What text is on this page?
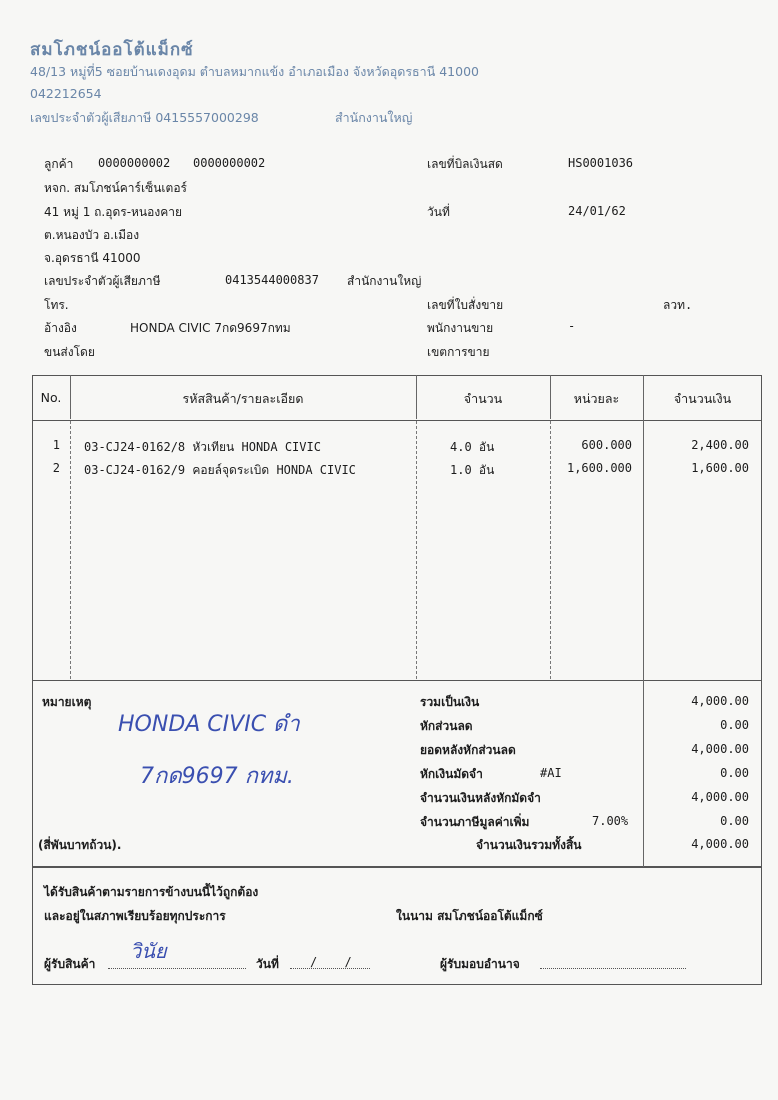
สมโภชน์ออโต้แม็กซ์
48/13 หมู่ที่5 ซอยบ้านเดงอุดม ตำบลหมากแข้ง อำเภอเมือง จังหวัดอุดรธานี 41000
042212654
เลขประจำตัวผู้เสียภาษี 0415557000298	สำนักงานใหญ่
ลูกค้า 0000000002 0000000002
หจก. สมโภชน์คาร์เซ็นเตอร์
41 หมู่ 1 ถ.อุดร-หนองคาย
ต.หนองบัว อ.เมือง
จ.อุดรธานี 41000
เลขประจำตัวผู้เสียภาษี	0413544000837 สำนักงานใหญ่
โทร.
อ้างอิง	HONDA CIVIC 7กด9697กทม
ขนส่งโดย
เลขที่บิลเงินสด	HS0001036
วันที่	24/01/62
เลขที่ใบสั่งขาย	ลวท.
พนักงานขาย	-
เขตการขาย
No.	รหัสสินค้า/รายละเอียด	จำนวน	หน่วยละ	จำนวนเงิน
1 03-CJ24-0162/8 หัวเทียน HONDA CIVIC	4.0 อัน	600.000	2,400.00
2 03-CJ24-0162/9 คอยล์จุดระเบิด HONDA CIVIC	1.0 อัน	1,600.000	1,600.00
หมายเหตุ
HONDA CIVIC ดำ
7กด9697 กทม.
(สี่พันบาทถ้วน).
รวมเป็นเงิน	4,000.00
หักส่วนลด	0.00
ยอดหลังหักส่วนลด	4,000.00
หักเงินมัดจำ	#AI	0.00
จำนวนเงินหลังหักมัดจำ	4,000.00
จำนวนภาษีมูลค่าเพิ่ม	7.00%	0.00
จำนวนเงินรวมทั้งสิ้น	4,000.00
ได้รับสินค้าตามรายการข้างบนนี้ไว้ถูกต้อง
และอยู่ในสภาพเรียบร้อยทุกประการ	ในนาม สมโภชน์ออโต้แม็กซ์
ผู้รับสินค้า
วินัย
วันที่	/ /	ผู้รับมอบอำนาจ
